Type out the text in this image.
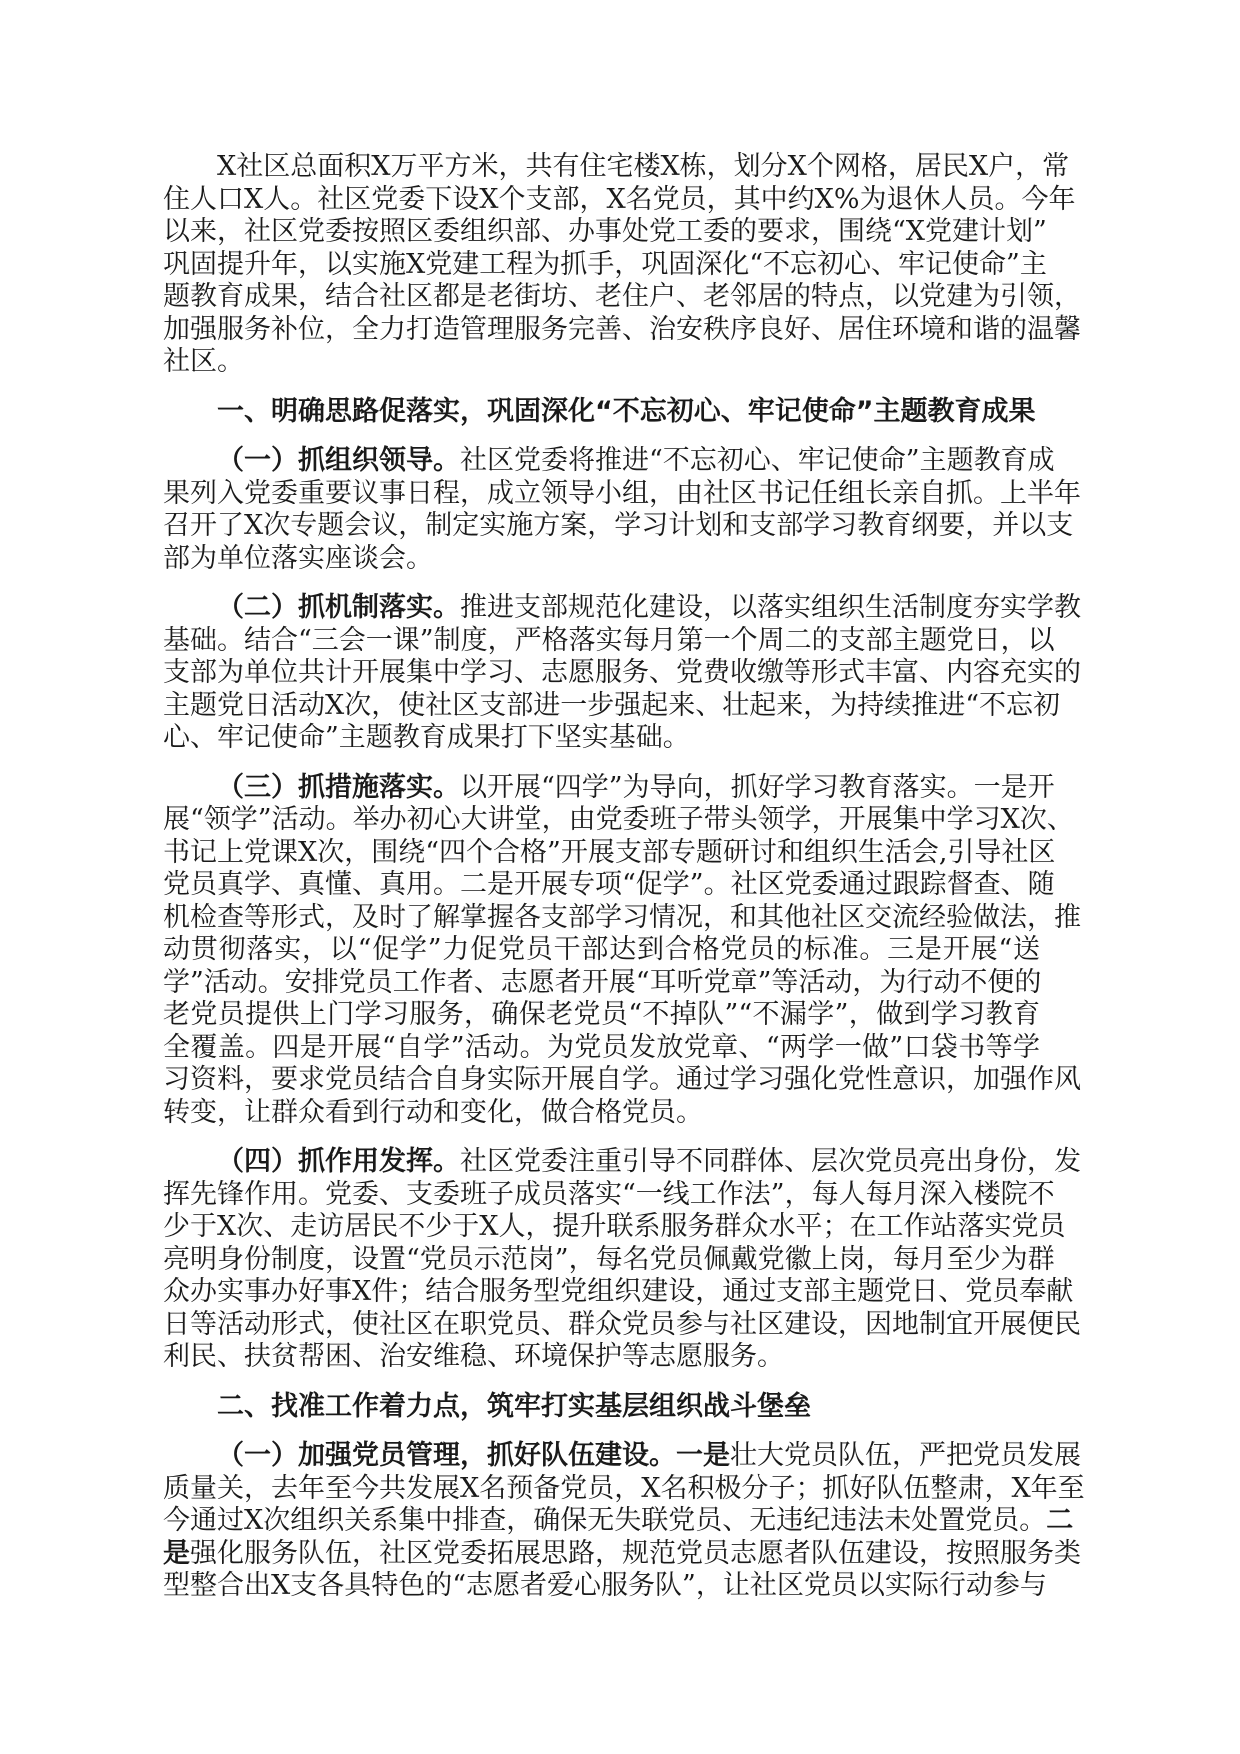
X社区总面积X万平方米，共有住宅楼X栋，划分X个网格，居民X户，常
住人口X人。社区党委下设X个支部，X名党员，其中约X%为退休人员。今年
以来，社区党委按照区委组织部、办事处党工委的要求，围绕“X党建计划”
巩固提升年，以实施X党建工程为抓手，巩固深化“不忘初心、牢记使命”主
题教育成果，结合社区都是老街坊、老住户、老邻居的特点，以党建为引领，
加强服务补位，全力打造管理服务完善、治安秩序良好、居住环境和谐的温馨
社区。
一、明确思路促落实，巩固深化“不忘初心、牢记使命”主题教育成果
（一）抓组织领导。社区党委将推进“不忘初心、牢记使命”主题教育成
果列入党委重要议事日程，成立领导小组，由社区书记任组长亲自抓。上半年
召开了X次专题会议，制定实施方案，学习计划和支部学习教育纲要，并以支
部为单位落实座谈会。
（二）抓机制落实。推进支部规范化建设，以落实组织生活制度夯实学教
基础。结合“三会一课”制度，严格落实每月第一个周二的支部主题党日，以
支部为单位共计开展集中学习、志愿服务、党费收缴等形式丰富、内容充实的
主题党日活动X次，使社区支部进一步强起来、壮起来，为持续推进“不忘初
心、牢记使命”主题教育成果打下坚实基础。
（三）抓措施落实。以开展“四学”为导向，抓好学习教育落实。一是开
展“领学”活动。举办初心大讲堂，由党委班子带头领学，开展集中学习X次、
书记上党课X次，围绕“四个合格”开展支部专题研讨和组织生活会,引导社区
党员真学、真懂、真用。二是开展专项“促学”。社区党委通过跟踪督查、随
机检查等形式，及时了解掌握各支部学习情况，和其他社区交流经验做法，推
动贯彻落实，以“促学”力促党员干部达到合格党员的标准。三是开展“送
学”活动。安排党员工作者、志愿者开展“耳听党章”等活动，为行动不便的
老党员提供上门学习服务，确保老党员“不掉队”“不漏学”，做到学习教育
全覆盖。四是开展“自学”活动。为党员发放党章、“两学一做”口袋书等学
习资料，要求党员结合自身实际开展自学。通过学习强化党性意识，加强作风
转变，让群众看到行动和变化，做合格党员。
（四）抓作用发挥。社区党委注重引导不同群体、层次党员亮出身份，发
挥先锋作用。党委、支委班子成员落实“一线工作法”，每人每月深入楼院不
少于X次、走访居民不少于X人，提升联系服务群众水平；在工作站落实党员
亮明身份制度，设置“党员示范岗”，每名党员佩戴党徽上岗，每月至少为群
众办实事办好事X件；结合服务型党组织建设，通过支部主题党日、党员奉献
日等活动形式，使社区在职党员、群众党员参与社区建设，因地制宜开展便民
利民、扶贫帮困、治安维稳、环境保护等志愿服务。
二、找准工作着力点，筑牢打实基层组织战斗堡垒
（一）加强党员管理，抓好队伍建设。一是壮大党员队伍，严把党员发展
质量关，去年至今共发展X名预备党员，X名积极分子；抓好队伍整肃，X年至
今通过X次组织关系集中排查，确保无失联党员、无违纪违法未处置党员。二
是强化服务队伍，社区党委拓展思路，规范党员志愿者队伍建设，按照服务类
型整合出X支各具特色的“志愿者爱心服务队”，让社区党员以实际行动参与
